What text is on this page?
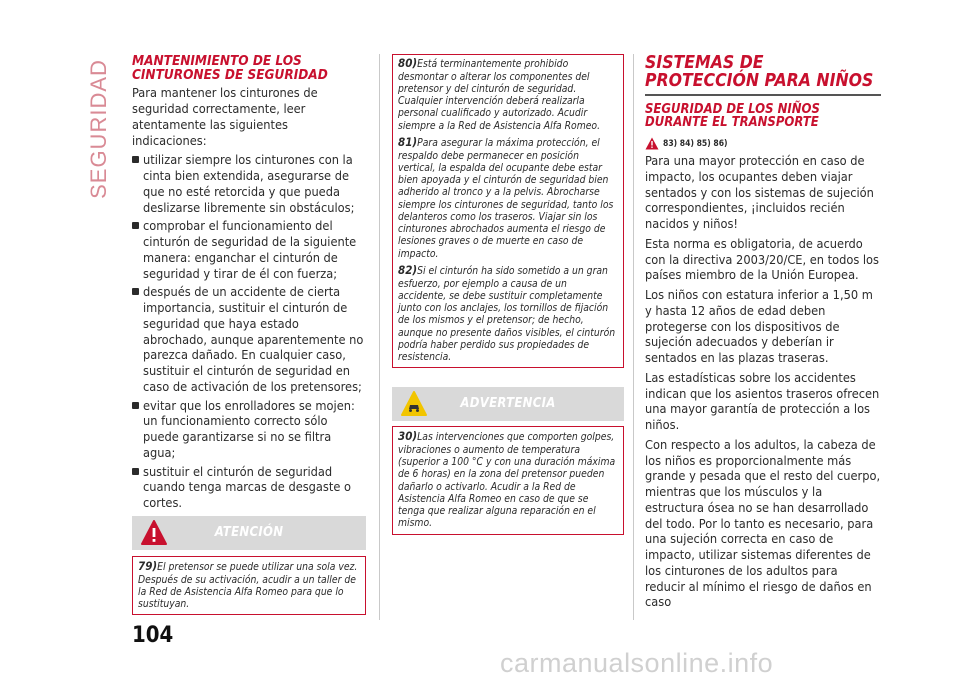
SEGURIDAD MANTENIMIENTO DE LOS CINTURONES DE SEGURIDAD

Para mantener los cinturones de seguridad correctamente, leer atentamente las siguientes indicaciones:

utilizar siempre los cinturones con la cinta bien extendida, asegurarse de que no esté retorcida y que pueda deslizarse libremente sin obstáculos;

comprobar el funcionamiento del cinturón de seguridad de la siguiente manera: enganchar el cinturón de seguridad y tirar de él con fuerza;

después de un accidente de cierta importancia, sustituir el cinturón de seguridad que haya estado abrochado, aunque aparentemente no parezca dañado. En cualquier caso, sustituir el cinturón de seguridad en caso de activación de los pretensores;

evitar que los enrolladores se mojen: un funcionamiento correcto sólo puede garantizarse si no se filtra agua;

sustituir el cinturón de seguridad cuando tenga marcas de desgaste o cortes.

ATENCIÓN

79)El pretensor se puede utilizar una sola vez. Después de su activación, acudir a un taller de la Red de Asistencia Alfa Romeo para que lo sustituyan.

80)Está terminantemente prohibido desmontar o alterar los componentes del pretensor y del cinturón de seguridad. Cualquier intervención deberá realizarla personal cualificado y autorizado. Acudir siempre a la Red de Asistencia Alfa Romeo.

81)Para asegurar la máxima protección, el respaldo debe permanecer en posición vertical, la espalda del ocupante debe estar bien apoyada y el cinturón de seguridad bien adherido al tronco y a la pelvis. Abrocharse siempre los cinturones de seguridad, tanto los delanteros como los traseros. Viajar sin los cinturones abrochados aumenta el riesgo de lesiones graves o de muerte en caso de impacto.

82)Si el cinturón ha sido sometido a un gran esfuerzo, por ejemplo a causa de un accidente, se debe sustituir completamente junto con los anclajes, los tornillos de fijación de los mismos y el pretensor; de hecho, aunque no presente daños visibles, el cinturón podría haber perdido sus propiedades de resistencia.

ADVERTENCIA

30)Las intervenciones que comporten golpes, vibraciones o aumento de temperatura (superior a 100 °C y con una duración máxima de 6 horas) en la zona del pretensor pueden dañarlo o activarlo. Acudir a la Red de Asistencia Alfa Romeo en caso de que se tenga que realizar alguna reparación en el mismo.

SISTEMAS DE PROTECCIÓN PARA NIÑOS
SEGURIDAD DE LOS NIÑOS DURANTE EL TRANSPORTE
83) 84) 85) 86)

Para una mayor protección en caso de impacto, los ocupantes deben viajar sentados y con los sistemas de sujeción correspondientes, ¡incluidos recién nacidos y niños!

Esta norma es obligatoria, de acuerdo con la directiva 2003/20/CE, en todos los países miembro de la Unión Europea.

Los niños con estatura inferior a 1,50 m y hasta 12 años de edad deben protegerse con los dispositivos de sujeción adecuados y deberían ir sentados en las plazas traseras.

Las estadísticas sobre los accidentes indican que los asientos traseros ofrecen una mayor garantía de protección a los niños.

Con respecto a los adultos, la cabeza de los niños es proporcionalmente más grande y pesada que el resto del cuerpo, mientras que los músculos y la estructura ósea no se han desarrollado del todo. Por lo tanto es necesario, para una sujeción correcta en caso de impacto, utilizar sistemas diferentes de los cinturones de los adultos para reducir al mínimo el riesgo de daños en caso

104
carmanualsonline.info
